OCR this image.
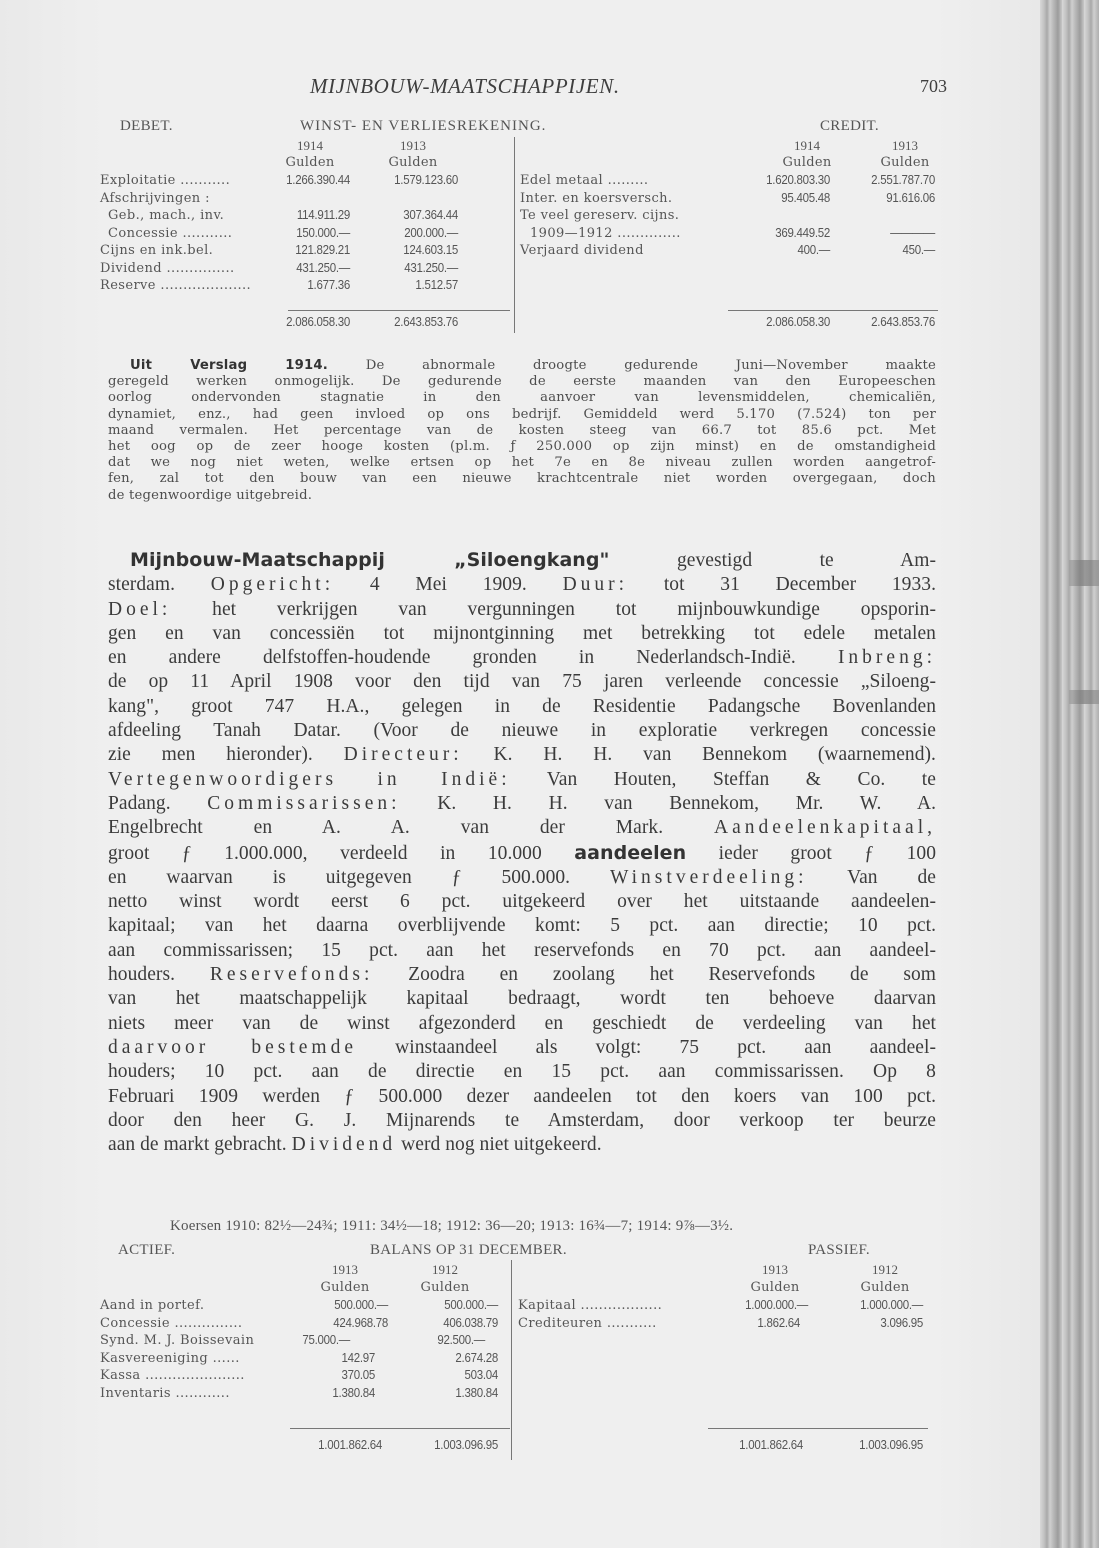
MIJNBOUW-MAATSCHAPPIJEN.	703
DEBET.	WINST- EN VERLIESREKENING.	CREDIT.
1914	1913	1914	1913
Gulden	Gulden	Gulden	Gulden
Exploitatie ...........	1.266.390.44	1.579.123.60
Afschrijvingen :
Geb., mach., inv.	114.911.29	307.364.44
Concessie ...........	150.000.—	200.000.—
Cijns en ink.bel.	121.829.21	124.603.15
Dividend ...............	431.250.—	431.250.—
Reserve ....................	1.677.36	1.512.57
2.086.058.30	2.643.853.76
Edel metaal .........	1.620.803.30	2.551.787.70
Inter. en koersversch.	95.405.48	91.616.06
Te veel gereserv. cijns.
1909—1912 ..............	369.449.52	————
Verjaard dividend	400.—	450.—
2.086.058.30	2.643.853.76
Uit Verslag 1914.	De abnormale droogte gedurende Juni—November maakte
geregeld werken onmogelijk. De gedurende de eerste maanden van den Europeeschen
oorlog ondervonden stagnatie in den aanvoer van levensmiddelen, chemicaliën,
dynamiet, enz., had geen invloed op ons bedrijf. Gemiddeld werd 5.170 (7.524) ton per
maand vermalen. Het percentage van de kosten steeg van 66.7 tot 85.6 pct. Met
het oog op de zeer hooge kosten (pl.m. ƒ 250.000 op zijn minst) en de omstandigheid
dat we nog niet weten, welke ertsen op het 7e en 8e niveau zullen worden aangetrof-
fen, zal tot den bouw van een nieuwe krachtcentrale niet worden overgegaan, doch
de tegenwoordige uitgebreid.
Mijnbouw-Maatschappij „Siloengkang" gevestigd te Am-
sterdam. Opgericht: 4 Mei 1909. Duur: tot 31 December 1933.
Doel: het verkrijgen van vergunningen tot mijnbouwkundige opsporin-
gen en van concessiën tot mijnontginning met betrekking tot edele metalen
en andere delfstoffen-houdende gronden in Nederlandsch-Indië. Inbreng:
de op 11 April 1908 voor den tijd van 75 jaren verleende concessie „Siloeng-
kang", groot 747 H.A., gelegen in de Residentie Padangsche Bovenlanden
afdeeling Tanah Datar. (Voor de nieuwe in exploratie verkregen concessie
zie men hieronder). Directeur: K. H. H. van Bennekom (waarnemend).
Vertegenwoordigers in Indië: Van Houten, Steffan & Co. te
Padang. Commissarissen: K. H. H. van Bennekom, Mr. W. A.
Engelbrecht en A. A. van der Mark. Aandeelenkapitaal,
groot ƒ 1.000.000, verdeeld in 10.000 aandeelen ieder groot ƒ 100
en waarvan is uitgegeven ƒ 500.000. Winstverdeeling: Van de
netto winst wordt eerst 6 pct. uitgekeerd over het uitstaande aandeelen-
kapitaal; van het daarna overblijvende komt: 5 pct. aan directie; 10 pct.
aan commissarissen; 15 pct. aan het reservefonds en 70 pct. aan aandeel-
houders. Reservefonds: Zoodra en zoolang het Reservefonds de som
van het maatschappelijk kapitaal bedraagt, wordt ten behoeve daarvan
niets meer van de winst afgezonderd en geschiedt de verdeeling van het
daarvoor bestemde winstaandeel als volgt: 75 pct. aan aandeel-
houders; 10 pct. aan de directie en 15 pct. aan commissarissen. Op 8
Februari 1909 werden ƒ 500.000 dezer aandeelen tot den koers van 100 pct.
door den heer G. J. Mijnarends te Amsterdam, door verkoop ter beurze
aan de markt gebracht. Dividend werd nog niet uitgekeerd.
Koersen 1910: 82½—24¾; 1911: 34½—18; 1912: 36—20; 1913: 16¾—7; 1914: 9⅞—3½.
ACTIEF.	BALANS OP 31 DECEMBER.	PASSIEF.
1913	1912	1913	1912
Gulden	Gulden	Gulden	Gulden
Aand in portef.	500.000.—	500.000.—
Concessie ...............	424.968.78	406.038.79
Synd. M. J. Boissevain	75.000.—	92.500.—
Kasvereeniging ......	142.97	2.674.28
Kassa ......................	370.05	503.04
Inventaris ............	1.380.84	1.380.84
1.001.862.64	1.003.096.95
Kapitaal ..................	1.000.000.—	1.000.000.—
Crediteuren ...........	1.862.64	3.096.95
1.001.862.64	1.003.096.95
